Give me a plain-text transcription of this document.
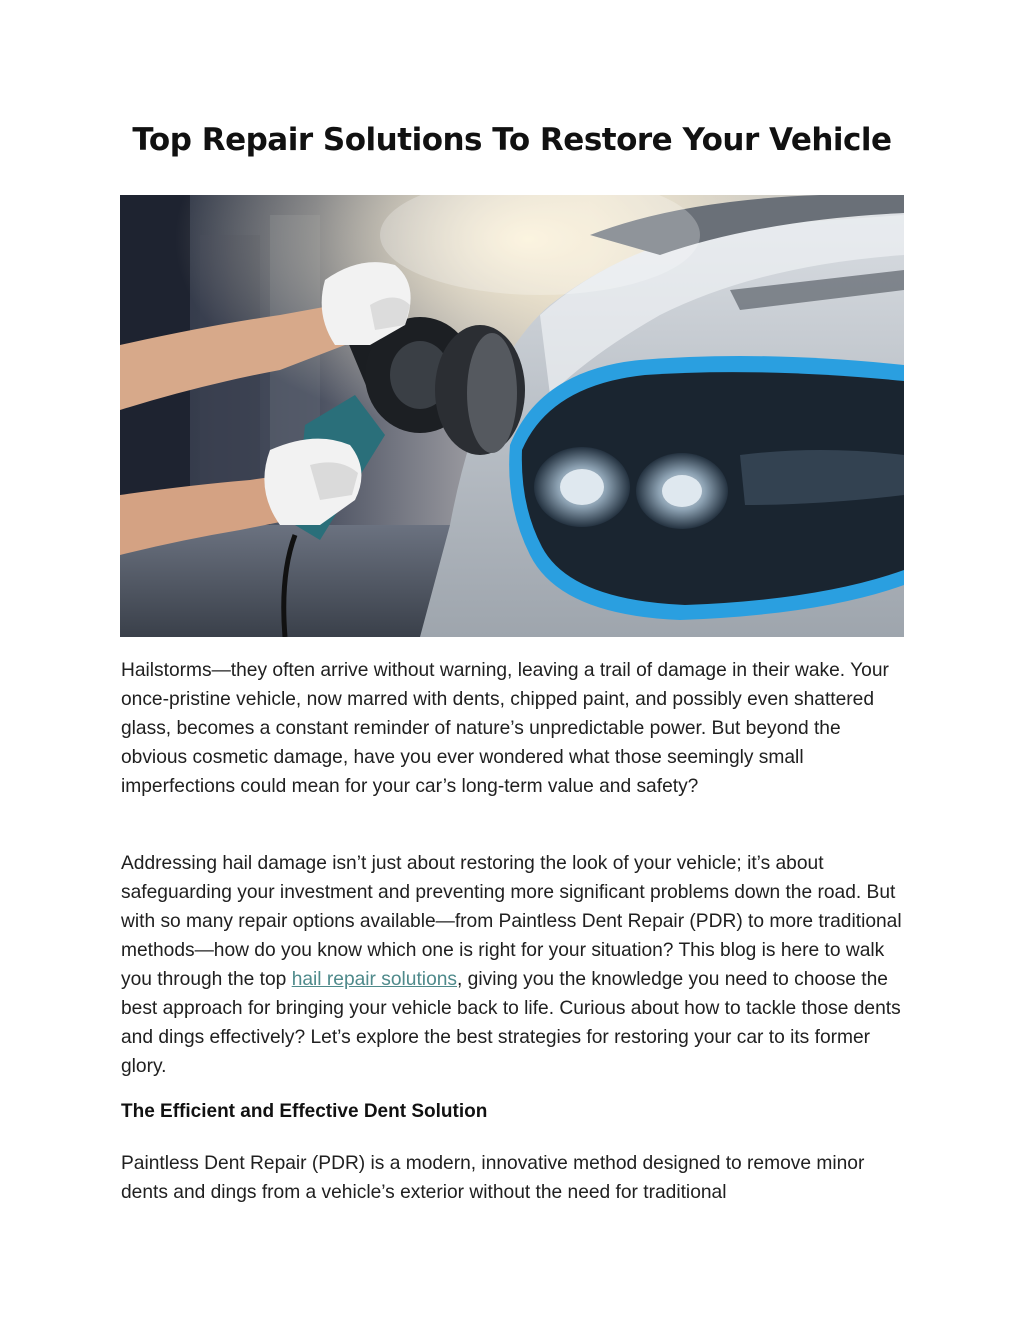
Top Repair Solutions To Restore Your Vehicle

Hailstorms—they often arrive without warning, leaving a trail of damage in their wake. Your once-pristine vehicle, now marred with dents, chipped paint, and possibly even shattered glass, becomes a constant reminder of nature’s unpredictable power. But beyond the obvious cosmetic damage, have you ever wondered what those seemingly small imperfections could mean for your car’s long-term value and safety?

Addressing hail damage isn’t just about restoring the look of your vehicle; it’s about safeguarding your investment and preventing more significant problems down the road. But with so many repair options available—from Paintless Dent Repair (PDR) to more traditional methods—how do you know which one is right for your situation? This blog is here to walk you through the top hail repair solutions, giving you the knowledge you need to choose the best approach for bringing your vehicle back to life. Curious about how to tackle those dents and dings effectively? Let’s explore the best strategies for restoring your car to its former glory.

The Efficient and Effective Dent Solution

Paintless Dent Repair (PDR) is a modern, innovative method designed to remove minor dents and dings from a vehicle’s exterior without the need for traditional
